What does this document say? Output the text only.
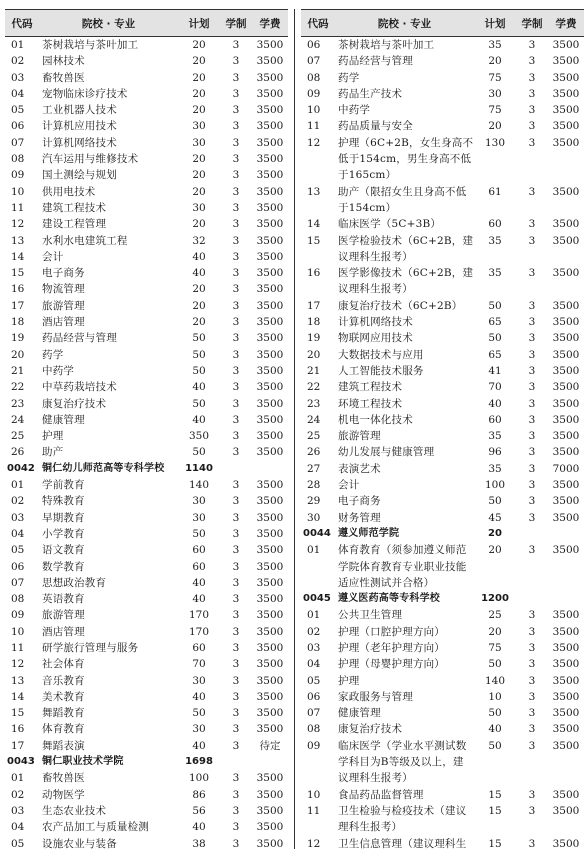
代码	院校 · 专业	计划	学制	学费
01	茶树栽培与茶叶加工	20	3	3500
02	园林技术	20	3	3500
03	畜牧兽医	20	3	3500
04	宠物临床诊疗技术	20	3	3500
05	工业机器人技术	20	3	3500
06	计算机应用技术	30	3	3500
07	计算机网络技术	30	3	3500
08	汽车运用与维修技术	20	3	3500
09	国土测绘与规划	20	3	3500
10	供用电技术	20	3	3500
11	建筑工程技术	30	3	3500
12	建设工程管理	20	3	3500
13	水利水电建筑工程	32	3	3500
14	会计	40	3	3500
15	电子商务	40	3	3500
16	物流管理	20	3	3500
17	旅游管理	20	3	3500
18	酒店管理	20	3	3500
19	药品经营与管理	50	3	3500
20	药学	50	3	3500
21	中药学	50	3	3500
22	中草药栽培技术	40	3	3500
23	康复治疗技术	50	3	3500
24	健康管理	40	3	3500
25	护理	350	3	3500
26	助产	50	3	3500
0042	铜仁幼儿师范高等专科学校	1140		
01	学前教育	140	3	3500
02	特殊教育	30	3	3500
03	早期教育	30	3	3500
04	小学教育	50	3	3500
05	语文教育	60	3	3500
06	数学教育	60	3	3500
07	思想政治教育	40	3	3500
08	英语教育	40	3	3500
09	旅游管理	170	3	3500
10	酒店管理	170	3	3500
11	研学旅行管理与服务	60	3	3500
12	社会体育	70	3	3500
13	音乐教育	30	3	3500
14	美术教育	40	3	3500
15	舞蹈教育	50	3	3500
16	体育教育	30	3	3500
17	舞蹈表演	40	3	待定
0043	铜仁职业技术学院	1698		
01	畜牧兽医	100	3	3500
02	动物医学	86	3	3500
03	生态农业技术	56	3	3500
04	农产品加工与质量检测	40	3	3500
05	设施农业与装备	38	3	3500
代码	院校 · 专业	计划	学制	学费
06	茶树栽培与茶叶加工	35	3	3500
07	药品经营与管理	20	3	3500
08	药学	75	3	3500
09	药品生产技术	30	3	3500
10	中药学	75	3	3500
11	药品质量与安全	20	3	3500
12	护理（6C+2B，女生身高不低于154cm，男生身高不低于165cm）	130	3	3500
13	助产（限招女生且身高不低于154cm）	61	3	3500
14	临床医学（5C+3B）	60	3	3500
15	医学检验技术（6C+2B，建议理科生报考）	35	3	3500
16	医学影像技术（6C+2B，建议理科生报考）	35	3	3500
17	康复治疗技术（6C+2B）	50	3	3500
18	计算机网络技术	65	3	3500
19	物联网应用技术	50	3	3500
20	大数据技术与应用	65	3	3500
21	人工智能技术服务	41	3	3500
22	建筑工程技术	70	3	3500
23	环境工程技术	40	3	3500
24	机电一体化技术	60	3	3500
25	旅游管理	35	3	3500
26	幼儿发展与健康管理	96	3	3500
27	表演艺术	35	3	7000
28	会计	100	3	3500
29	电子商务	50	3	3500
30	财务管理	45	3	3500
0044	遵义师范学院	20		
01	体育教育（须参加遵义师范学院体育教育专业职业技能适应性测试并合格）	20	3	3500
0045	遵义医药高等专科学校	1200		
01	公共卫生管理	25	3	3500
02	护理（口腔护理方向）	20	3	3500
03	护理（老年护理方向）	75	3	3500
04	护理（母婴护理方向）	50	3	3500
05	护理	140	3	3500
06	家政服务与管理	10	3	3500
07	健康管理	50	3	3500
08	康复治疗技术	40	3	3500
09	临床医学（学业水平测试数学科目为B等级及以上，建议理科生报考）	50	3	3500
10	食品药品监督管理	15	3	3500
11	卫生检验与检疫技术（建议理科生报考）	15	3	3500
12	卫生信息管理（建议理科生	15	3	3500
